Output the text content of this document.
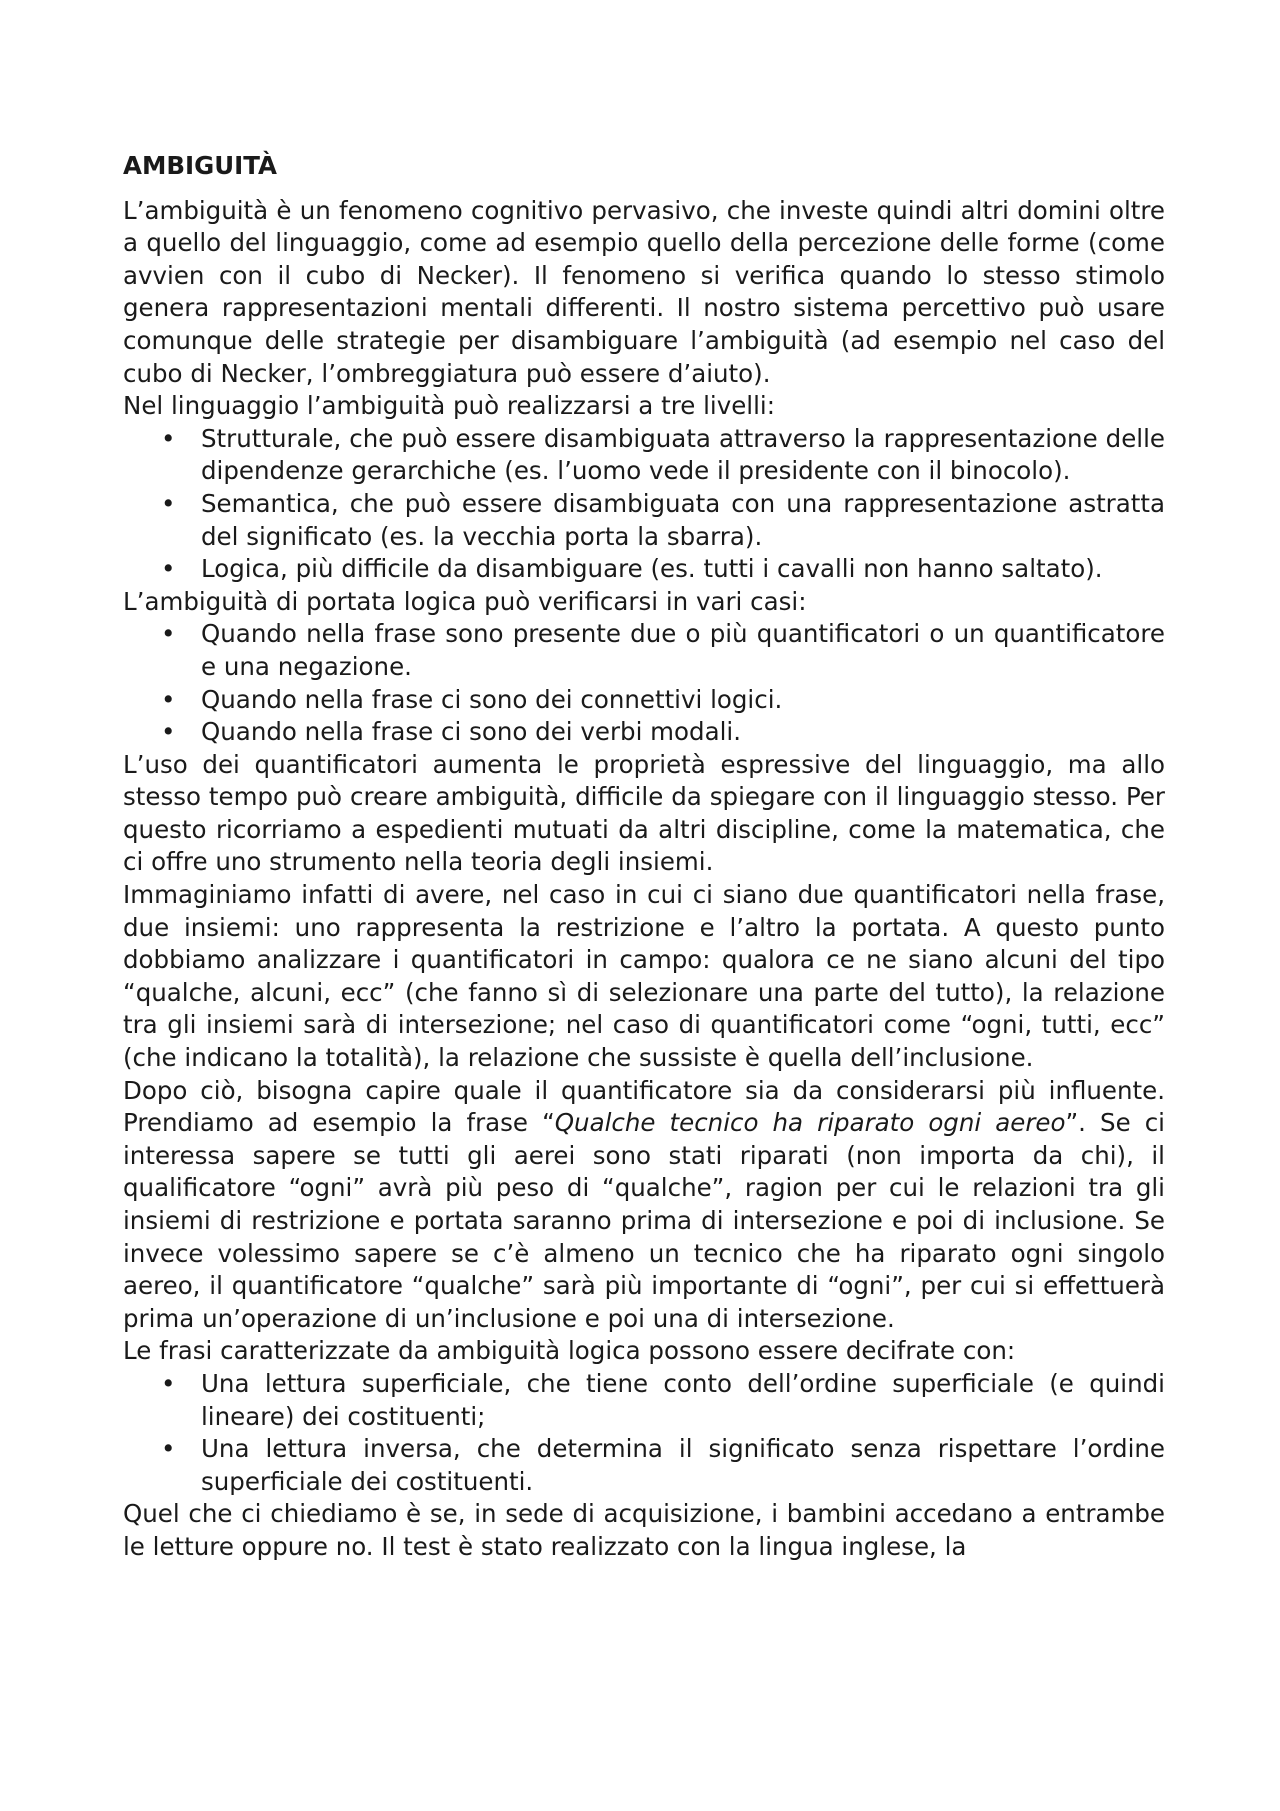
AMBIGUITÀ

L’ambiguità è un fenomeno cognitivo pervasivo, che investe quindi altri domini oltre a quello del linguaggio, come ad esempio quello della percezione delle forme (come avvien con il cubo di Necker). Il fenomeno si verifica quando lo stesso stimolo genera rappresentazioni mentali differenti. Il nostro sistema percettivo può usare comunque delle strategie per disambiguare l’ambiguità (ad esempio nel caso del cubo di Necker, l’ombreggiatura può essere d’aiuto).

Nel linguaggio l’ambiguità può realizzarsi a tre livelli:

• Strutturale, che può essere disambiguata attraverso la rappresentazione delle dipendenze gerarchiche (es. l’uomo vede il presidente con il binocolo).
• Semantica, che può essere disambiguata con una rappresentazione astratta del significato (es. la vecchia porta la sbarra).
• Logica, più difficile da disambiguare (es. tutti i cavalli non hanno saltato).

L’ambiguità di portata logica può verificarsi in vari casi:

• Quando nella frase sono presente due o più quantificatori o un quantificatore e una negazione.
• Quando nella frase ci sono dei connettivi logici.
• Quando nella frase ci sono dei verbi modali.

L’uso dei quantificatori aumenta le proprietà espressive del linguaggio, ma allo stesso tempo può creare ambiguità, difficile da spiegare con il linguaggio stesso. Per questo ricorriamo a espedienti mutuati da altri discipline, come la matematica, che ci offre uno strumento nella teoria degli insiemi.

Immaginiamo infatti di avere, nel caso in cui ci siano due quantificatori nella frase, due insiemi: uno rappresenta la restrizione e l’altro la portata. A questo punto dobbiamo analizzare i quantificatori in campo: qualora ce ne siano alcuni del tipo “qualche, alcuni, ecc” (che fanno sì di selezionare una parte del tutto), la relazione tra gli insiemi sarà di intersezione; nel caso di quantificatori come “ogni, tutti, ecc” (che indicano la totalità), la relazione che sussiste è quella dell’inclusione.

Dopo ciò, bisogna capire quale il quantificatore sia da considerarsi più influente. Prendiamo ad esempio la frase “Qualche tecnico ha riparato ogni aereo”. Se ci interessa sapere se tutti gli aerei sono stati riparati (non importa da chi), il qualificatore “ogni” avrà più peso di “qualche”, ragion per cui le relazioni tra gli insiemi di restrizione e portata saranno prima di intersezione e poi di inclusione. Se invece volessimo sapere se c’è almeno un tecnico che ha riparato ogni singolo aereo, il quantificatore “qualche” sarà più importante di “ogni”, per cui si effettuerà prima un’operazione di un’inclusione e poi una di intersezione.

Le frasi caratterizzate da ambiguità logica possono essere decifrate con:

• Una lettura superficiale, che tiene conto dell’ordine superficiale (e quindi lineare) dei costituenti;
• Una lettura inversa, che determina il significato senza rispettare l’ordine superficiale dei costituenti.

Quel che ci chiediamo è se, in sede di acquisizione, i bambini accedano a entrambe le letture oppure no. Il test è stato realizzato con la lingua inglese, la
